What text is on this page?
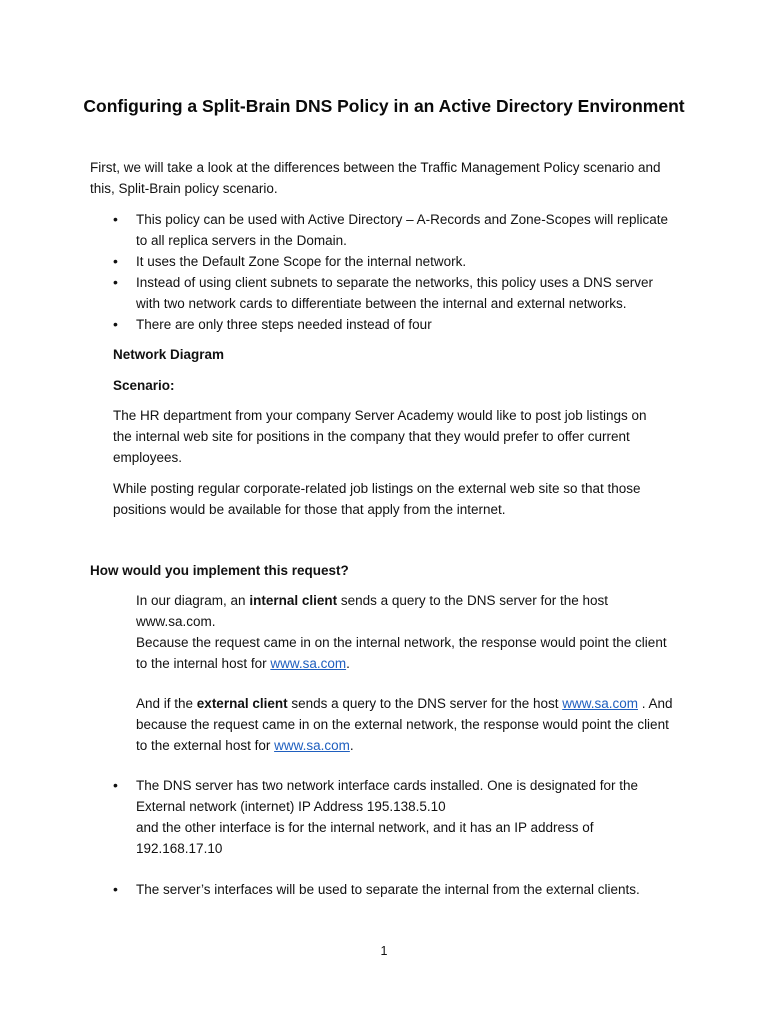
Configuring a Split-Brain DNS Policy in an Active Directory Environment

First, we will take a look at the differences between the Traffic Management Policy scenario and this, Split-Brain policy scenario.

• This policy can be used with Active Directory – A-Records and Zone-Scopes will replicate to all replica servers in the Domain.
• It uses the Default Zone Scope for the internal network.
• Instead of using client subnets to separate the networks, this policy uses a DNS server with two network cards to differentiate between the internal and external networks.
• There are only three steps needed instead of four

Network Diagram

Scenario:

The HR department from your company Server Academy would like to post job listings on the internal web site for positions in the company that they would prefer to offer current employees.

While posting regular corporate-related job listings on the external web site so that those positions would be available for those that apply from the internet.

How would you implement this request?

In our diagram, an internal client sends a query to the DNS server for the host www.sa.com.
Because the request came in on the internal network, the response would point the client to the internal host for www.sa.com.
And if the external client sends a query to the DNS server for the host www.sa.com . And because the request came in on the external network, the response would point the client to the external host for www.sa.com.
• The DNS server has two network interface cards installed. One is designated for the External network (internet) IP Address 195.138.5.10
and the other interface is for the internal network, and it has an IP address of 192.168.17.10
• The server’s interfaces will be used to separate the internal from the external clients.
1
